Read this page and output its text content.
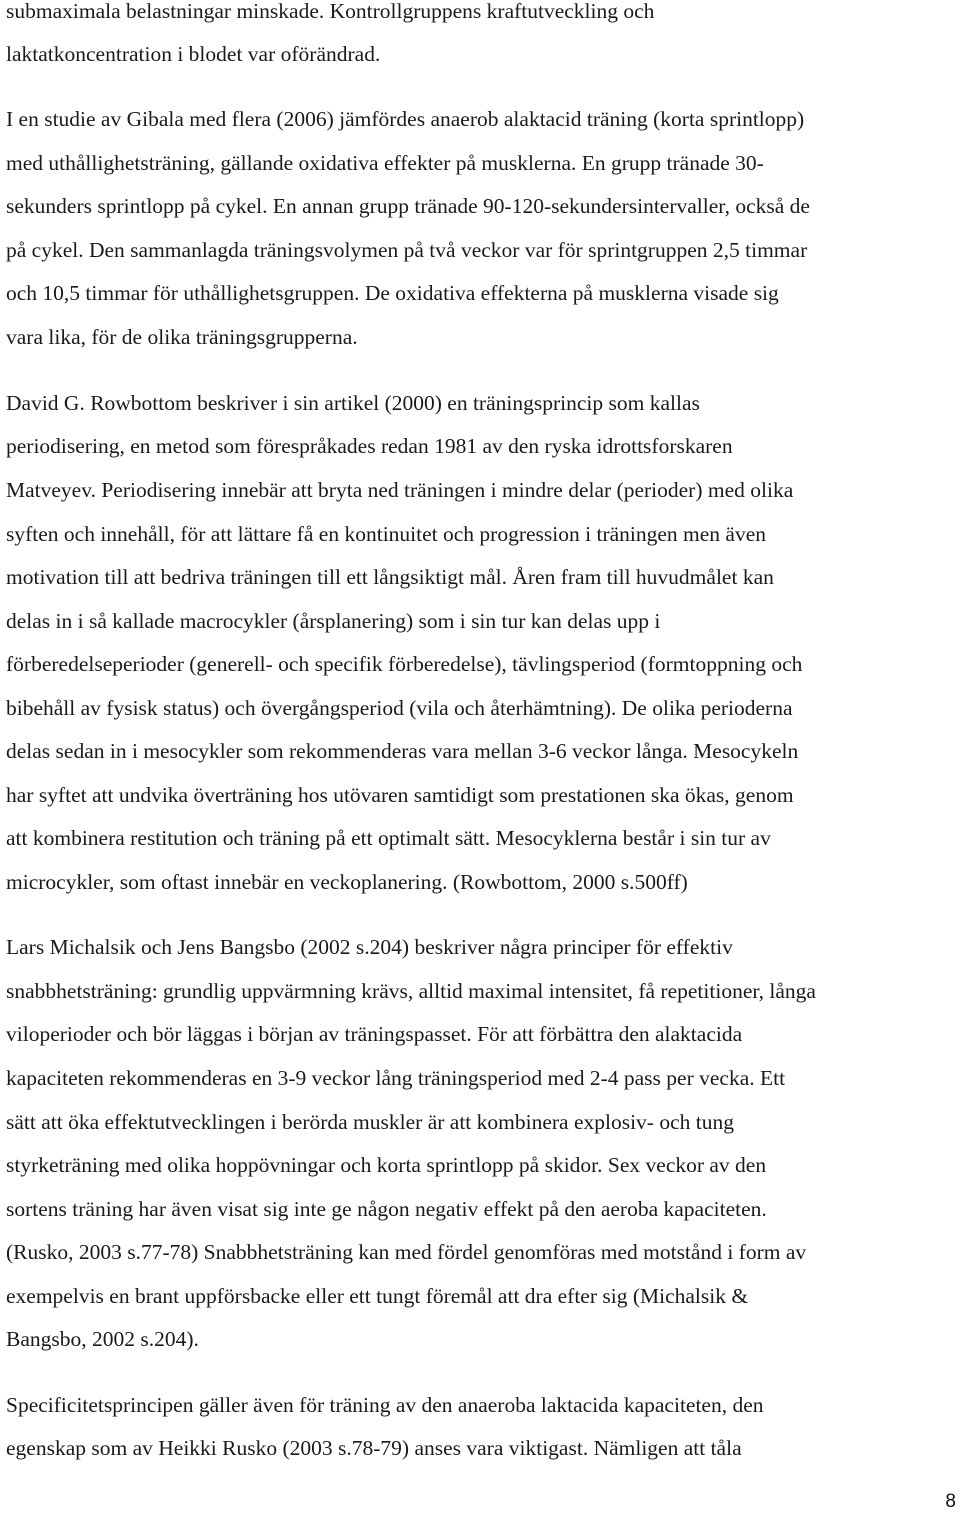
submaximala belastningar minskade. Kontrollgruppens kraftutveckling och
laktatkoncentration i blodet var oförändrad.
I en studie av Gibala med flera (2006) jämfördes anaerob alaktacid träning (korta sprintlopp)
med uthållighetsträning, gällande oxidativa effekter på musklerna. En grupp tränade 30-
sekunders sprintlopp på cykel. En annan grupp tränade 90-120-sekundersintervaller, också de
på cykel. Den sammanlagda träningsvolymen på två veckor var för sprintgruppen 2,5 timmar
och 10,5 timmar för uthållighetsgruppen. De oxidativa effekterna på musklerna visade sig
vara lika, för de olika träningsgrupperna.
David G. Rowbottom beskriver i sin artikel (2000) en träningsprincip som kallas
periodisering, en metod som förespråkades redan 1981 av den ryska idrottsforskaren
Matveyev. Periodisering innebär att bryta ned träningen i mindre delar (perioder) med olika
syften och innehåll, för att lättare få en kontinuitet och progression i träningen men även
motivation till att bedriva träningen till ett långsiktigt mål. Åren fram till huvudmålet kan
delas in i så kallade macrocykler (årsplanering) som i sin tur kan delas upp i
förberedelseperioder (generell- och specifik förberedelse), tävlingsperiod (formtoppning och
bibehåll av fysisk status) och övergångsperiod (vila och återhämtning). De olika perioderna
delas sedan in i mesocykler som rekommenderas vara mellan 3-6 veckor långa. Mesocykeln
har syftet att undvika överträning hos utövaren samtidigt som prestationen ska ökas, genom
att kombinera restitution och träning på ett optimalt sätt. Mesocyklerna består i sin tur av
microcykler, som oftast innebär en veckoplanering. (Rowbottom, 2000 s.500ff)
Lars Michalsik och Jens Bangsbo (2002 s.204) beskriver några principer för effektiv
snabbhetsträning: grundlig uppvärmning krävs, alltid maximal intensitet, få repetitioner, långa
viloperioder och bör läggas i början av träningspasset. För att förbättra den alaktacida
kapaciteten rekommenderas en 3-9 veckor lång träningsperiod med 2-4 pass per vecka. Ett
sätt att öka effektutvecklingen i berörda muskler är att kombinera explosiv- och tung
styrketräning med olika hoppövningar och korta sprintlopp på skidor. Sex veckor av den
sortens träning har även visat sig inte ge någon negativ effekt på den aeroba kapaciteten.
(Rusko, 2003 s.77-78) Snabbhetsträning kan med fördel genomföras med motstånd i form av
exempelvis en brant uppförsbacke eller ett tungt föremål att dra efter sig (Michalsik &
Bangsbo, 2002 s.204).
Specificitetsprincipen gäller även för träning av den anaeroba laktacida kapaciteten, den
egenskap som av Heikki Rusko (2003 s.78-79) anses vara viktigast. Nämligen att tåla
8
